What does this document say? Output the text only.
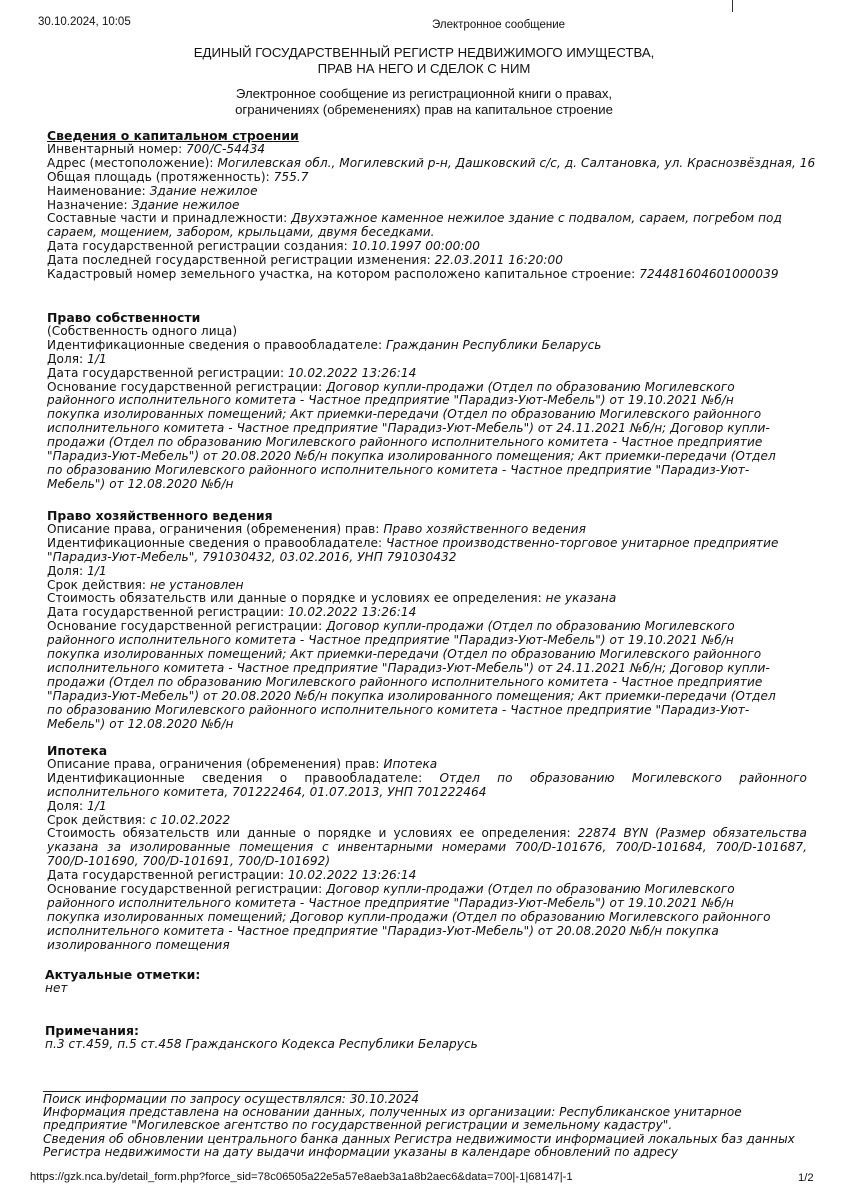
30.10.2024, 10:05	Электронное сообщение
ЕДИНЫЙ ГОСУДАРСТВЕННЫЙ РЕГИСТР НЕДВИЖИМОГО ИМУЩЕСТВА,
ПРАВ НА НЕГО И СДЕЛОК С НИМ
Электронное сообщение из регистрационной книги о правах,
ограничениях (обременениях) прав на капитальное строение
Сведения о капитальном строении
Инвентарный номер: 700/С-54434
Адрес (местоположение): Могилевская обл., Могилевский р-н, Дашковский с/с, д. Салтановка, ул. Краснозвёздная, 16
Общая площадь (протяженность): 755.7
Наименование: Здание нежилое
Назначение: Здание нежилое
Составные части и принадлежности: Двухэтажное каменное нежилое здание с подвалом, сараем, погребом под сараем, мощением, забором, крыльцами, двумя беседками.
Дата государственной регистрации создания: 10.10.1997 00:00:00
Дата последней государственной регистрации изменения: 22.03.2011 16:20:00
Кадастровый номер земельного участка, на котором расположено капитальное строение: 724481604601000039
Право собственности
(Собственность одного лица)
Идентификационные сведения о правообладателе: Гражданин Республики Беларусь
Доля: 1/1
Дата государственной регистрации: 10.02.2022 13:26:14
Основание государственной регистрации: Договор купли-продажи (Отдел по образованию Могилевского районного исполнительного комитета - Частное предприятие "Парадиз-Уют-Мебель") от 19.10.2021 №б/н покупка изолированных помещений; Акт приемки-передачи (Отдел по образованию Могилевского районного исполнительного комитета - Частное предприятие "Парадиз-Уют-Мебель") от 24.11.2021 №б/н; Договор купли-продажи (Отдел по образованию Могилевского районного исполнительного комитета - Частное предприятие "Парадиз-Уют-Мебель") от 20.08.2020 №б/н покупка изолированного помещения; Акт приемки-передачи (Отдел по образованию Могилевского районного исполнительного комитета - Частное предприятие "Парадиз-Уют-Мебель") от 12.08.2020 №б/н
Право хозяйственного ведения
Описание права, ограничения (обременения) прав: Право хозяйственного ведения
Идентификационные сведения о правообладателе: Частное производственно-торговое унитарное предприятие "Парадиз-Уют-Мебель", 791030432, 03.02.2016, УНП 791030432
Доля: 1/1
Срок действия: не установлен
Стоимость обязательств или данные о порядке и условиях ее определения: не указана
Дата государственной регистрации: 10.02.2022 13:26:14
Основание государственной регистрации: Договор купли-продажи (Отдел по образованию Могилевского районного исполнительного комитета - Частное предприятие "Парадиз-Уют-Мебель") от 19.10.2021 №б/н покупка изолированных помещений; Акт приемки-передачи (Отдел по образованию Могилевского районного исполнительного комитета - Частное предприятие "Парадиз-Уют-Мебель") от 24.11.2021 №б/н; Договор купли-продажи (Отдел по образованию Могилевского районного исполнительного комитета - Частное предприятие "Парадиз-Уют-Мебель") от 20.08.2020 №б/н покупка изолированного помещения; Акт приемки-передачи (Отдел по образованию Могилевского районного исполнительного комитета - Частное предприятие "Парадиз-Уют-Мебель") от 12.08.2020 №б/н
Ипотека
Описание права, ограничения (обременения) прав: Ипотека
Идентификационные сведения о правообладателе: Отдел по образованию Могилевского районного исполнительного комитета, 701222464, 01.07.2013, УНП 701222464
Доля: 1/1
Срок действия: с 10.02.2022
Стоимость обязательств или данные о порядке и условиях ее определения: 22874 BYN (Размер обязательства указана за изолированные помещения с инвентарными номерами 700/D-101676, 700/D-101684, 700/D-101687, 700/D-101690, 700/D-101691, 700/D-101692)
Дата государственной регистрации: 10.02.2022 13:26:14
Основание государственной регистрации: Договор купли-продажи (Отдел по образованию Могилевского районного исполнительного комитета - Частное предприятие "Парадиз-Уют-Мебель") от 19.10.2021 №б/н покупка изолированных помещений; Договор купли-продажи (Отдел по образованию Могилевского районного исполнительного комитета - Частное предприятие "Парадиз-Уют-Мебель") от 20.08.2020 №б/н покупка изолированного помещения
Актуальные отметки:
нет
Примечания:
п.3 ст.459, п.5 ст.458 Гражданского Кодекса Республики Беларусь
Поиск информации по запросу осуществлялся: 30.10.2024
Информация представлена на основании данных, полученных из организации: Республиканское унитарное предприятие "Могилевское агентство по государственной регистрации и земельному кадастру".
Сведения об обновлении центрального банка данных Регистра недвижимости информацией локальных баз данных Регистра недвижимости на дату выдачи информации указаны в календаре обновлений по адресу
https://gzk.nca.by/detail_form.php?force_sid=78c06505a22e5a57e8aeb3a1a8b2aec6&data=700|-1|68147|-1	1/2
